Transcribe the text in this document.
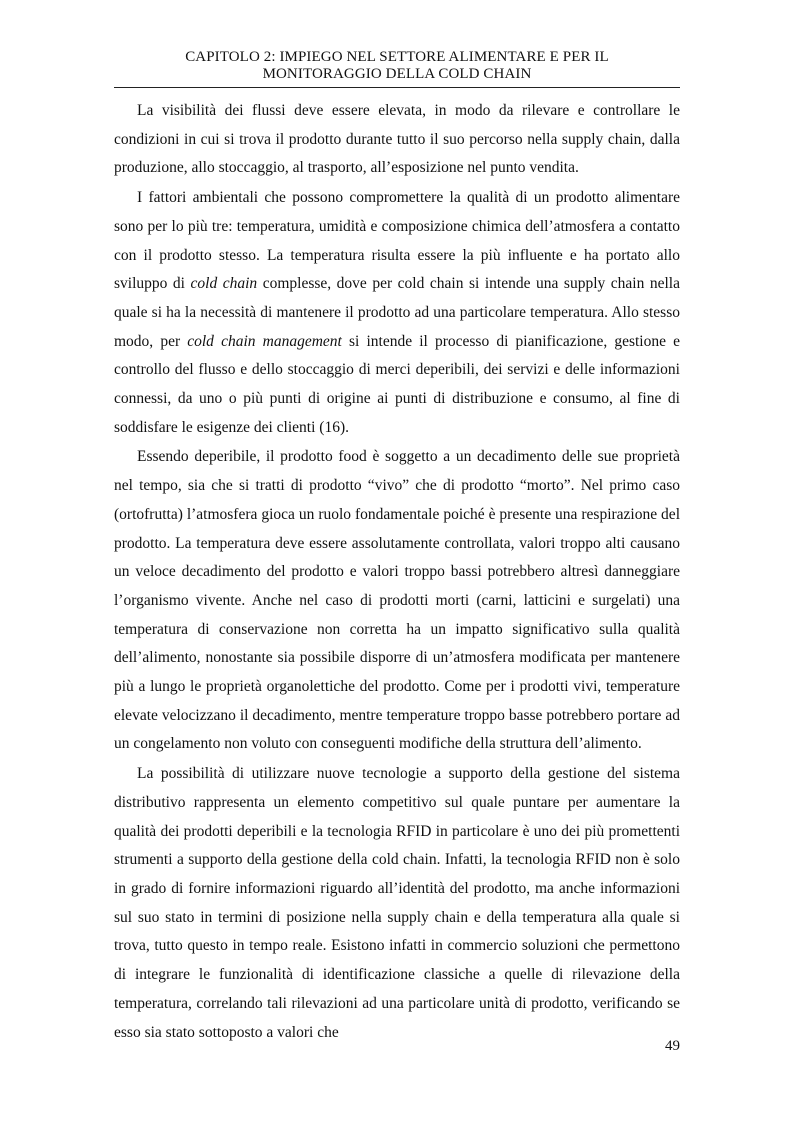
CAPITOLO 2: IMPIEGO NEL SETTORE ALIMENTARE E PER IL
MONITORAGGIO DELLA COLD CHAIN

La visibilità dei flussi deve essere elevata, in modo da rilevare e controllare le condizioni in cui si trova il prodotto durante tutto il suo percorso nella supply chain, dalla produzione, allo stoccaggio, al trasporto, all’esposizione nel punto vendita.

I fattori ambientali che possono compromettere la qualità di un prodotto alimentare sono per lo più tre: temperatura, umidità e composizione chimica dell’atmosfera a contatto con il prodotto stesso. La temperatura risulta essere la più influente e ha portato allo sviluppo di cold chain complesse, dove per cold chain si intende una supply chain nella quale si ha la necessità di mantenere il prodotto ad una particolare temperatura. Allo stesso modo, per cold chain management si intende il processo di pianificazione, gestione e controllo del flusso e dello stoccaggio di merci deperibili, dei servizi e delle informazioni connessi, da uno o più punti di origine ai punti di distribuzione e consumo, al fine di soddisfare le esigenze dei clienti (16).

Essendo deperibile, il prodotto food è soggetto a un decadimento delle sue proprietà nel tempo, sia che si tratti di prodotto “vivo” che di prodotto “morto”. Nel primo caso (ortofrutta) l’atmosfera gioca un ruolo fondamentale poiché è presente una respirazione del prodotto. La temperatura deve essere assolutamente controllata, valori troppo alti causano un veloce decadimento del prodotto e valori troppo bassi potrebbero altresì danneggiare l’organismo vivente. Anche nel caso di prodotti morti (carni, latticini e surgelati) una temperatura di conservazione non corretta ha un impatto significativo sulla qualità dell’alimento, nonostante sia possibile disporre di un’atmosfera modificata per mantenere più a lungo le proprietà organolettiche del prodotto. Come per i prodotti vivi, temperature elevate velocizzano il decadimento, mentre temperature troppo basse potrebbero portare ad un congelamento non voluto con conseguenti modifiche della struttura dell’alimento.

La possibilità di utilizzare nuove tecnologie a supporto della gestione del sistema distributivo rappresenta un elemento competitivo sul quale puntare per aumentare la qualità dei prodotti deperibili e la tecnologia RFID in particolare è uno dei più promettenti strumenti a supporto della gestione della cold chain. Infatti, la tecnologia RFID non è solo in grado di fornire informazioni riguardo all’identità del prodotto, ma anche informazioni sul suo stato in termini di posizione nella supply chain e della temperatura alla quale si trova, tutto questo in tempo reale. Esistono infatti in commercio soluzioni che permettono di integrare le funzionalità di identificazione classiche a quelle di rilevazione della temperatura, correlando tali rilevazioni ad una particolare unità di prodotto, verificando se esso sia stato sottoposto a valori che

49
